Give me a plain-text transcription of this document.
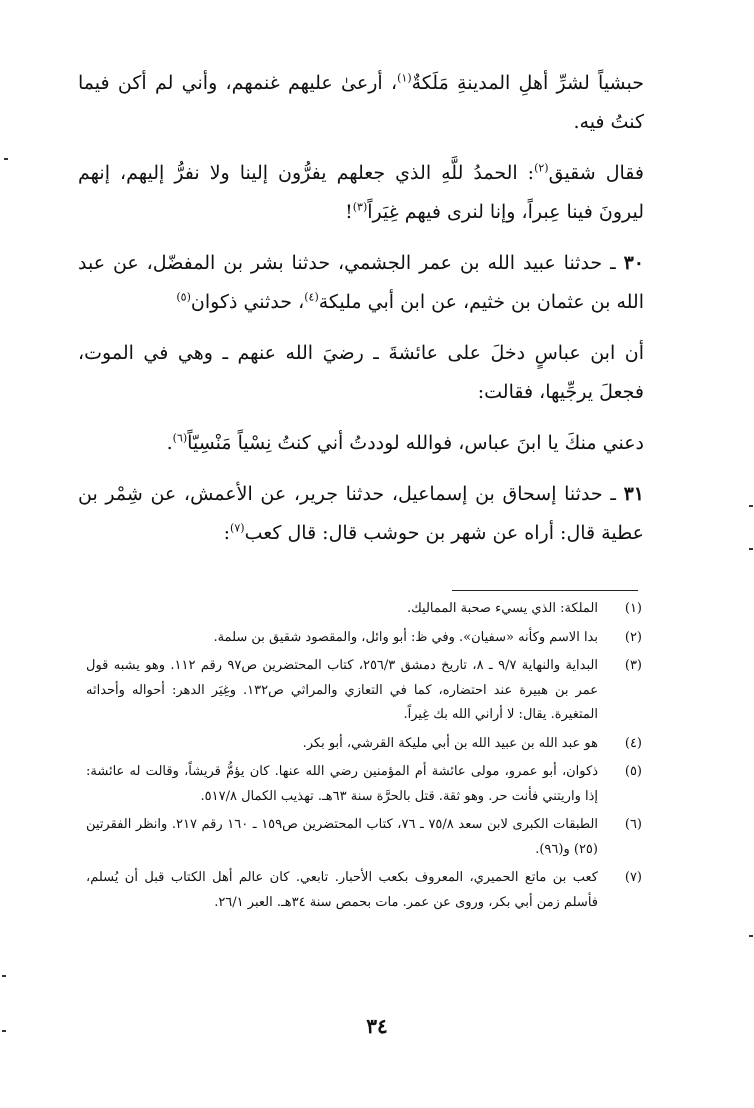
حبشياً لشرِّ أهلِ المدينةِ مَلَكةٌ$^{(١)}$، أرعىٰ عليهم غنمهم، وأني لم أكن فيما كنتُ فيه.

فقال شقيق$^{(٢)}$: الحمدُ للَّهِ الذي جعلهم يفرُّون إلينا ولا نفرُّ إليهم، إنهم ليرونَ فينا عِبراً، وإنا لنرى فيهم غِيَراً$^{(٣)}$!

٣٠ ـ حدثنا عبيد الله بن عمر الجشمي، حدثنا بشر بن المفضّل، عن عبد الله بن عثمان بن خثيم، عن ابن أبي مليكة$^{(٤)}$، حدثني ذكوان$^{(٥)}$

أن ابن عباسٍ دخلَ على عائشةَ ـ رضيَ الله عنهم ـ وهي في الموت، فجعلَ يرجِّيها، فقالت:

دعني منكَ يا ابنَ عباس، فوالله لوددتُ أني كنتُ نِسْياً مَنْسِيّاً$^{(٦)}$.

٣١ ـ حدثنا إسحاق بن إسماعيل، حدثنا جرير، عن الأعمش، عن شِمْر بن عطية قال: أراه عن شهر بن حوشب قال: قال كعب$^{(٧)}$:

(١)
الملكة: الذي يسيء صحبة المماليك.
(٢)
بدا الاسم وكأنه «سفيان». وفي ظ: أبو وائل، والمقصود شقيق بن سلمة.
(٣)
البداية والنهاية ٩/٧ ـ ٨، تاريخ دمشق ٢٥٦/٣، كتاب المحتضرين ص٩٧ رقم ١١٢. وهو يشبه قول عمر بن هبيرة عند احتضاره، كما في التعازي والمراثي ص١٣٢. وغِيَر الدهر: أحواله وأحداثه المتغيرة. يقال: لا أراني الله بك غِيراً.
(٤)
هو عبد الله بن عبيد الله بن أبي مليكة القرشي، أبو بكر.
(٥)
ذكوان، أبو عمرو، مولى عائشة أم المؤمنين رضي الله عنها. كان يؤمُّ قريشاً، وقالت له عائشة: إذا واريتني فأنت حر. وهو ثقة. قتل بالحرَّة سنة ٦٣هـ. تهذيب الكمال ٥١٧/٨.
(٦)
الطبقات الكبرى لابن سعد ٧٥/٨ ـ ٧٦، كتاب المحتضرين ص١٥٩ ـ ١٦٠ رقم ٢١٧. وانظر الفقرتين (٢٥) و(٩٦).
(٧)
كعب بن ماتع الحميري، المعروف بكعب الأحبار. تابعي. كان عالم أهل الكتاب قبل أن يُسلم، فأسلم زمن أبي بكر، وروى عن عمر. مات بحمص سنة ٣٤هـ. العبر ٢٦/١.
٣٤
